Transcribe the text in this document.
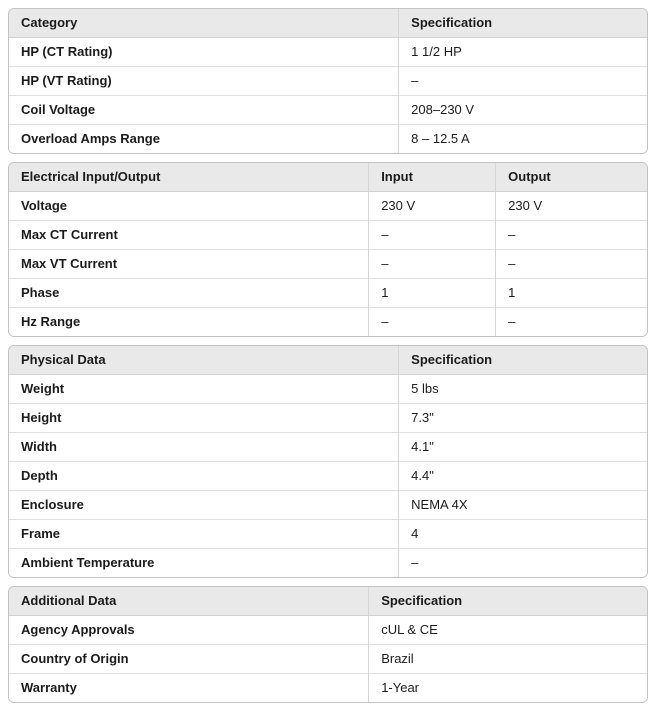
Category	Specification
HP (CT Rating)	1 1/2 HP
HP (VT Rating)	–
Coil Voltage	208–230 V
Overload Amps Range	8 – 12.5 A
Electrical Input/Output	Input	Output
Voltage	230 V	230 V
Max CT Current	–	–
Max VT Current	–	–
Phase	1	1
Hz Range	–	–
Physical Data	Specification
Weight	5 lbs
Height	7.3"
Width	4.1"
Depth	4.4"
Enclosure	NEMA 4X
Frame	4
Ambient Temperature	–
Additional Data	Specification
Agency Approvals	cUL & CE
Country of Origin	Brazil
Warranty	1-Year
